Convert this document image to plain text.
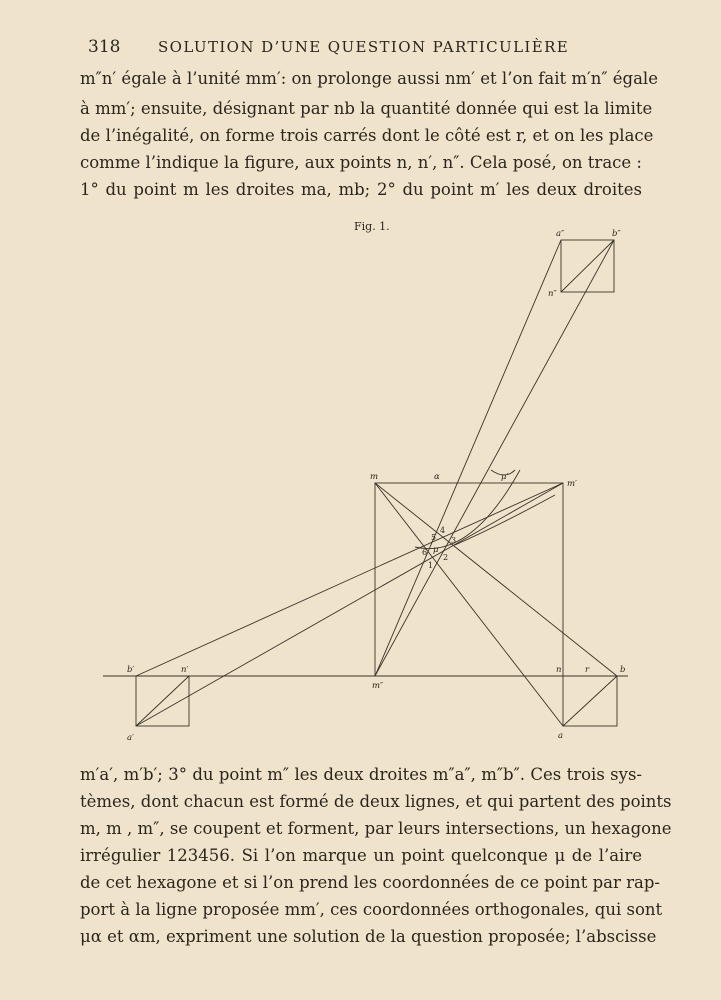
318	SOLUTION D’UNE QUESTION PARTICULIÈRE
m″n′ égale à l’unité mm′: on prolonge aussi nm′ et l’on fait m′n″ égale
à mm′; ensuite, désignant par nb la quantité donnée qui est la limite
de l’inégalité, on forme trois carrés dont le côté est r, et on les place
comme l’indique la figure, aux points n, n′, n″. Cela posé, on trace :
1° du point m les droites ma, mb; 2° du point m′ les deux droites
Fig. 1.
a″	b″
n″
m	α	μ′
m′
b′	n′
m″
n	r	b
a′	a
1
2
3
4
5
6 μ
m′a′, m′b′; 3° du point m″ les deux droites m″a″, m″b″. Ces trois sys-
tèmes, dont chacun est formé de deux lignes, et qui partent des points
m, m , m″, se coupent et forment, par leurs intersections, un hexagone
irrégulier 123456. Si l’on marque un point quelconque μ de l’aire
de cet hexagone et si l’on prend les coordonnées de ce point par rap-
port à la ligne proposée mm′, ces coordonnées orthogonales, qui sont
μα et αm, expriment une solution de la question proposée; l’abscisse
